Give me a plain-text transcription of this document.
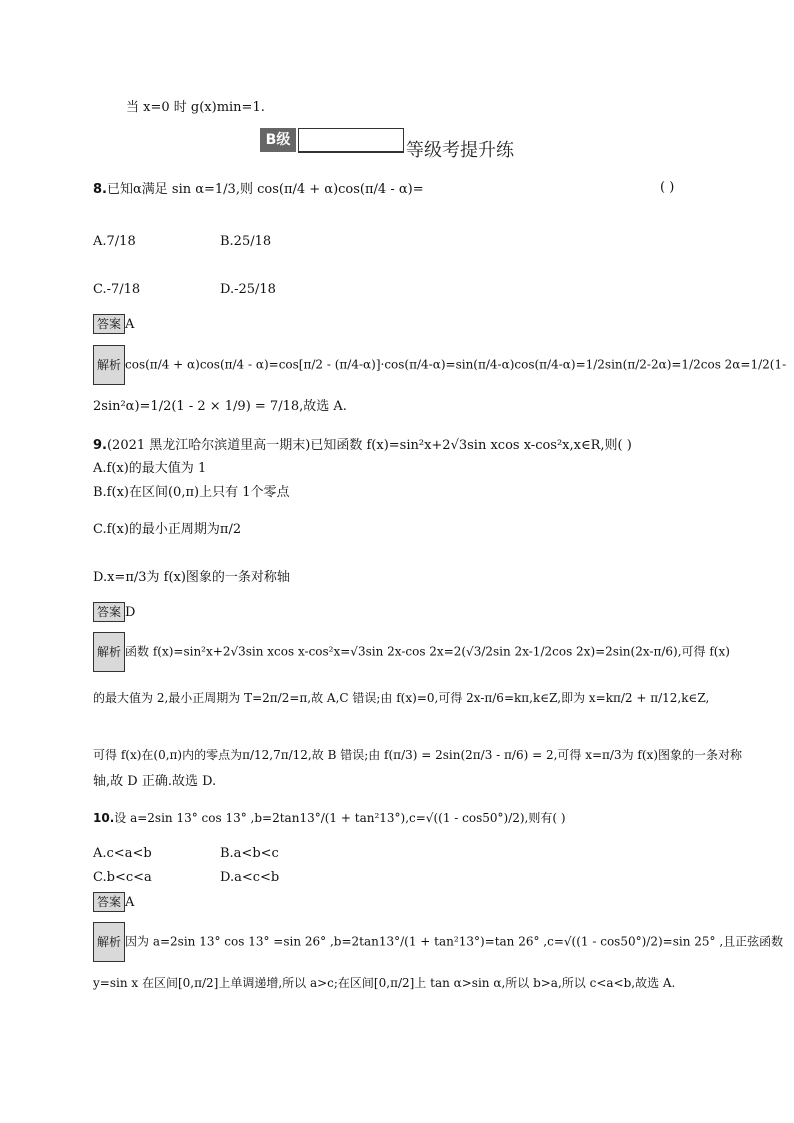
当 x=0 时 g(x)min=1.
B级	等级考提升练
8.已知α满足 sin α=1/3,则 cos(π/4 + α)cos(π/4 - α)=	( )
A.7/18	B.25/18
C.-7/18	D.-25/18
答案 A
解析 cos(π/4 + α)cos(π/4 - α)=cos[π/2 - (π/4-α)]·cos(π/4-α)=sin(π/4-α)cos(π/4-α)=1/2sin(π/2-2α)=1/2cos 2α=1/2(1-
2sin²α)=1/2(1 - 2 × 1/9) = 7/18,故选 A.
9.(2021 黑龙江哈尔滨道里高一期末)已知函数 f(x)=sin²x+2√3sin xcos x-cos²x,x∈R,则( )
A.f(x)的最大值为 1
B.f(x)在区间(0,π)上只有 1个零点
C.f(x)的最小正周期为π/2
D.x=π/3为 f(x)图象的一条对称轴
答案 D
解析 函数 f(x)=sin²x+2√3sin xcos x-cos²x=√3sin 2x-cos 2x=2(√3/2sin 2x-1/2cos 2x)=2sin(2x-π/6),可得 f(x)
的最大值为 2,最小正周期为 T=2π/2=π,故 A,C 错误;由 f(x)=0,可得 2x-π/6=kπ,k∈Z,即为 x=kπ/2 + π/12,k∈Z,
可得 f(x)在(0,π)内的零点为π/12,7π/12,故 B 错误;由 f(π/3) = 2sin(2π/3 - π/6) = 2,可得 x=π/3为 f(x)图象的一条对称
轴,故 D 正确.故选 D.
10.设 a=2sin 13° cos 13° ,b=2tan13°/(1 + tan²13°),c=√((1 - cos50°)/2),则有( )
A.c<a<b	B.a<b<c
C.b<c<a	D.a<c<b
答案 A
解析 因为 a=2sin 13° cos 13° =sin 26° ,b=2tan13°/(1 + tan²13°)=tan 26° ,c=√((1 - cos50°)/2)=sin 25° ,且正弦函数
y=sin x 在区间[0,π/2]上单调递增,所以 a>c;在区间[0,π/2]上 tan α>sin α,所以 b>a,所以 c<a<b,故选 A.
